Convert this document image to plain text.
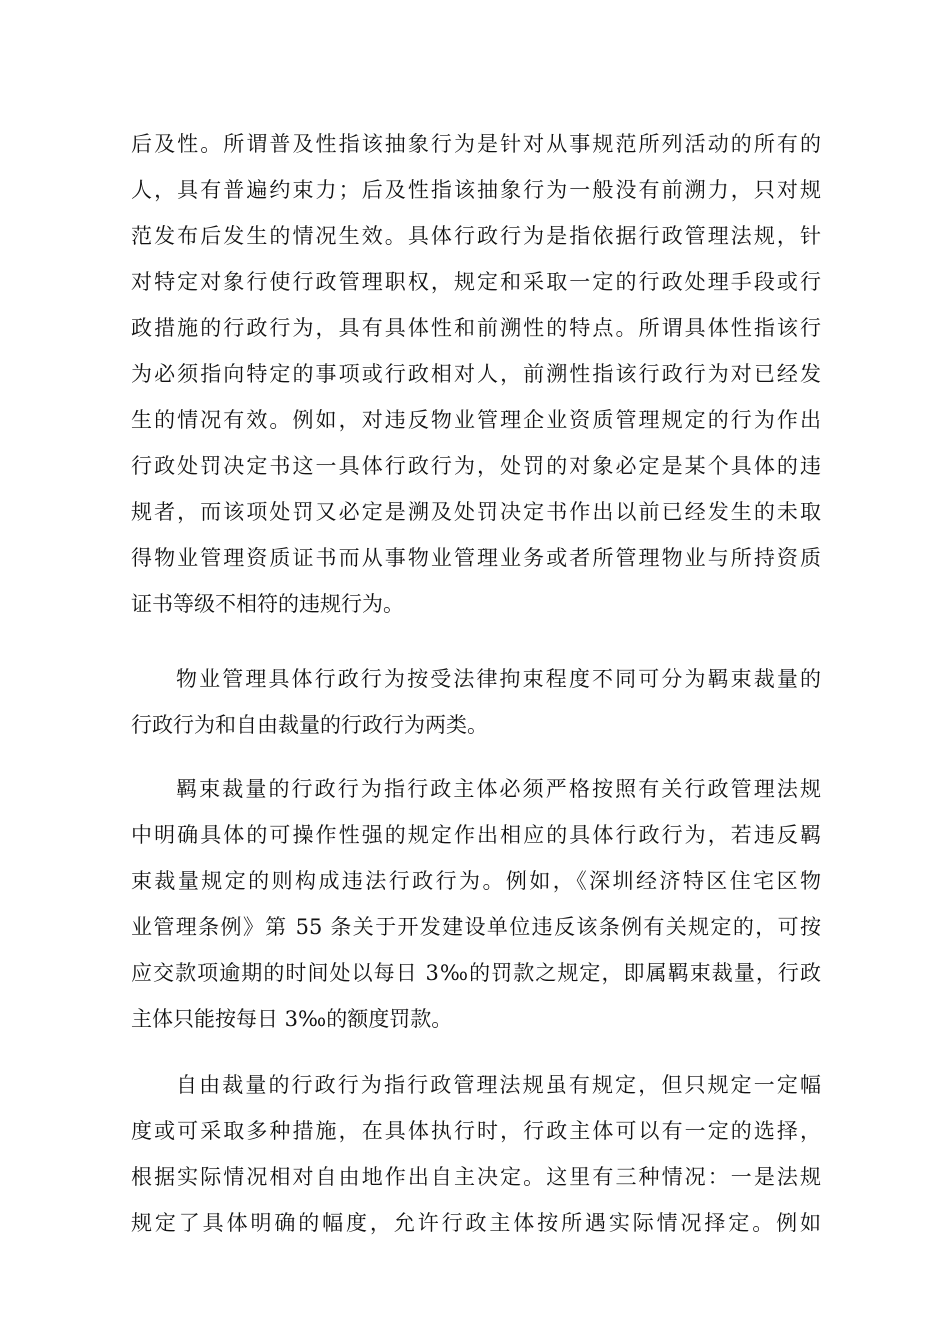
后及性。所谓普及性指该抽象行为是针对从事规范所列活动的所有的
人，具有普遍约束力；后及性指该抽象行为一般没有前溯力，只对规
范发布后发生的情况生效。具体行政行为是指依据行政管理法规，针
对特定对象行使行政管理职权，规定和采取一定的行政处理手段或行
政措施的行政行为，具有具体性和前溯性的特点。所谓具体性指该行
为必须指向特定的事项或行政相对人，前溯性指该行政行为对已经发
生的情况有效。例如，对违反物业管理企业资质管理规定的行为作出
行政处罚决定书这一具体行政行为，处罚的对象必定是某个具体的违
规者，而该项处罚又必定是溯及处罚决定书作出以前已经发生的未取
得物业管理资质证书而从事物业管理业务或者所管理物业与所持资质
证书等级不相符的违规行为。
物业管理具体行政行为按受法律拘束程度不同可分为羁束裁量的
行政行为和自由裁量的行政行为两类。
羁束裁量的行政行为指行政主体必须严格按照有关行政管理法规
中明确具体的可操作性强的规定作出相应的具体行政行为，若违反羁
束裁量规定的则构成违法行政行为。例如，《深圳经济特区住宅区物
业管理条例》第 55 条关于开发建设单位违反该条例有关规定的，可按
应交款项逾期的时间处以每日 3‰的罚款之规定，即属羁束裁量，行政
主体只能按每日 3‰的额度罚款。
自由裁量的行政行为指行政管理法规虽有规定，但只规定一定幅
度或可采取多种措施，在具体执行时，行政主体可以有一定的选择，
根据实际情况相对自由地作出自主决定。这里有三种情况：一是法规
规定了具体明确的幅度，允许行政主体按所遇实际情况择定。例如
